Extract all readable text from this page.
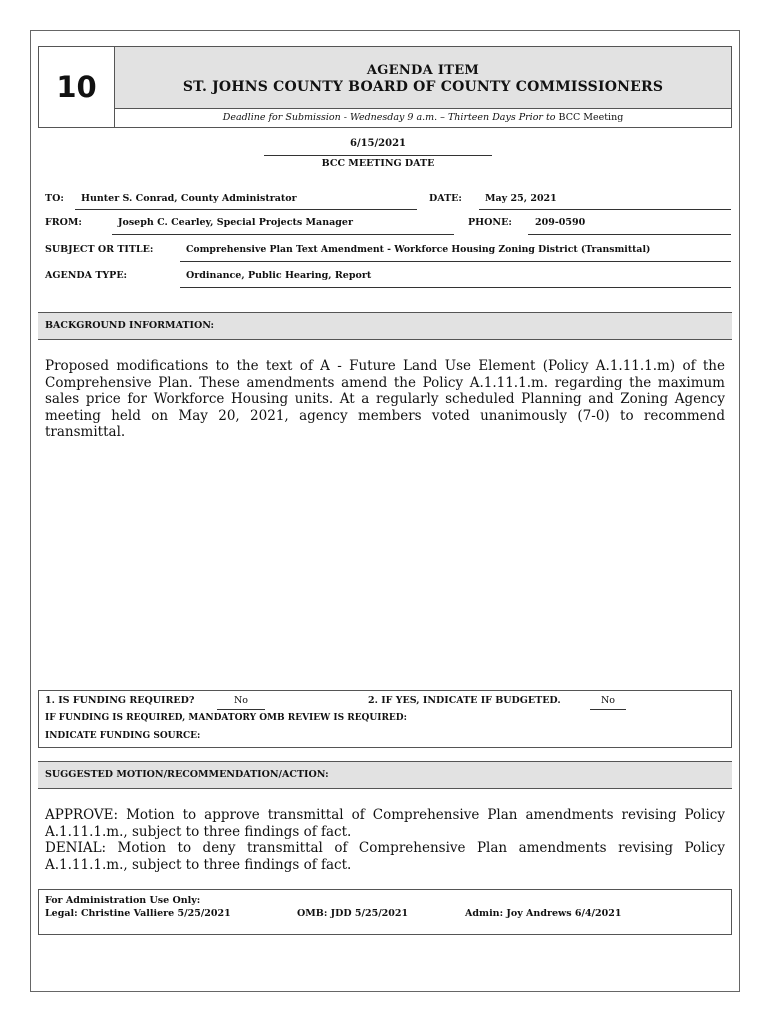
10	AGENDA ITEM
ST. JOHNS COUNTY BOARD OF COUNTY COMMISSIONERS
Deadline for Submission - Wednesday 9 a.m. – Thirteen Days Prior to BCC Meeting
6/15/2021
BCC MEETING DATE
TO: Hunter S. Conrad, County Administrator	DATE: May 25, 2021
FROM:	Joseph C. Cearley, Special Projects Manager	PHONE: 209-0590
SUBJECT OR TITLE:	Comprehensive Plan Text Amendment - Workforce Housing Zoning District (Transmittal)
AGENDA TYPE:	Ordinance, Public Hearing, Report
BACKGROUND INFORMATION:
Proposed modifications to the text of A - Future Land Use Element (Policy A.1.11.1.m) of the Comprehensive Plan. These amendments amend the Policy A.1.11.1.m. regarding the maximum sales price for Workforce Housing units. At a regularly scheduled Planning and Zoning Agency meeting held on May 20, 2021, agency members voted unanimously (7-0) to recommend transmittal.
1. IS FUNDING REQUIRED?	No	2. IF YES, INDICATE IF BUDGETED.	No
IF FUNDING IS REQUIRED, MANDATORY OMB REVIEW IS REQUIRED:
INDICATE FUNDING SOURCE:
SUGGESTED MOTION/RECOMMENDATION/ACTION:
APPROVE: Motion to approve transmittal of Comprehensive Plan amendments revising Policy A.1.11.1.m., subject to three findings of fact.
DENIAL: Motion to deny transmittal of Comprehensive Plan amendments revising Policy A.1.11.1.m., subject to three findings of fact.
For Administration Use Only:
Legal: Christine Valliere 5/25/2021	OMB: JDD 5/25/2021	Admin: Joy Andrews 6/4/2021
